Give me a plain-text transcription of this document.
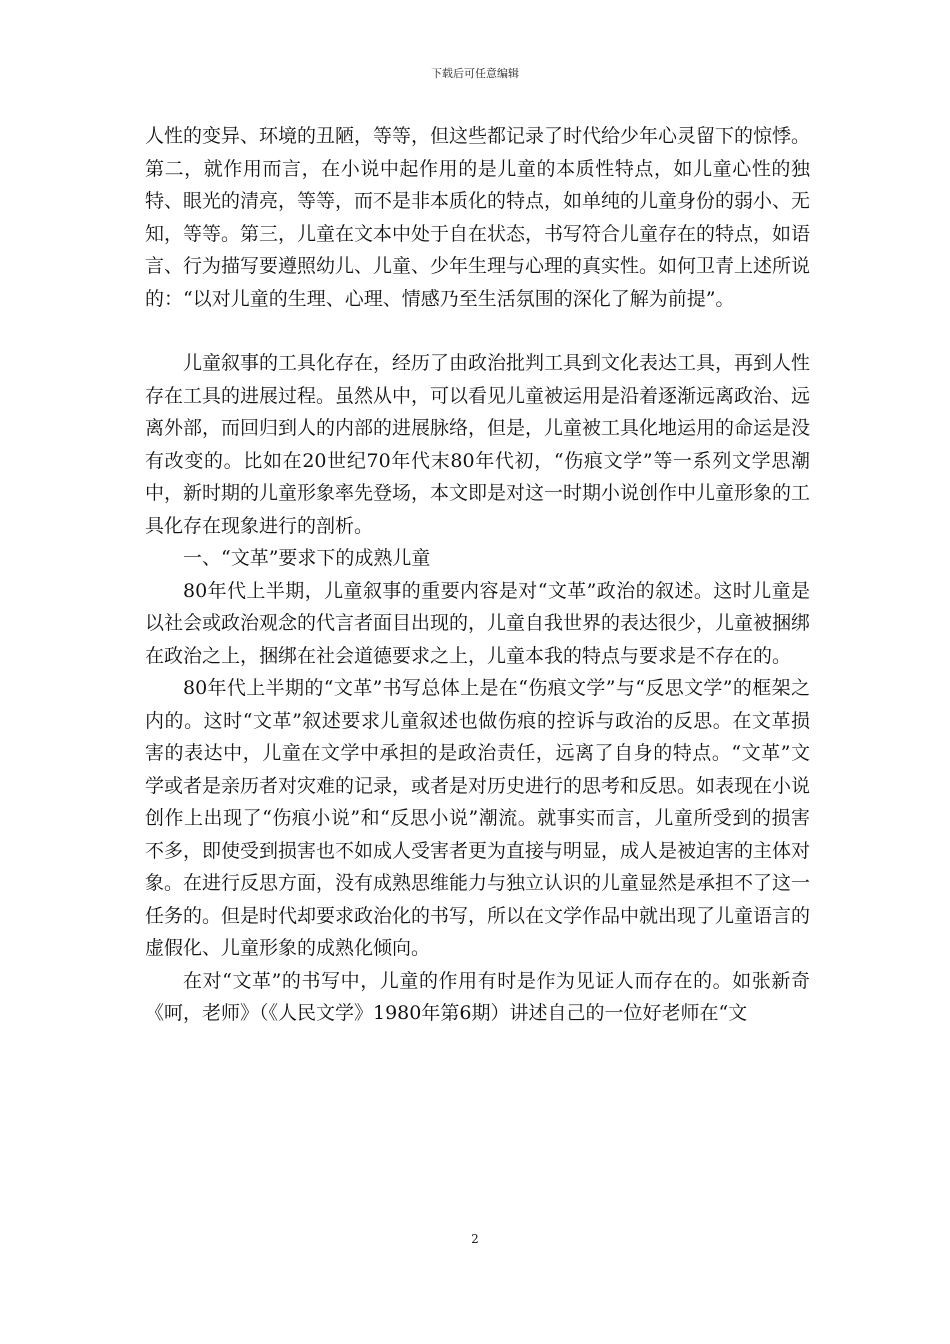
下载后可任意编辑

人性的变异、环境的丑陋，等等，但这些都记录了时代给少年心灵留下的惊悸。第二，就作用而言，在小说中起作用的是儿童的本质性特点，如儿童心性的独特、眼光的清亮，等等，而不是非本质化的特点，如单纯的儿童身份的弱小、无知，等等。第三，儿童在文本中处于自在状态，书写符合儿童存在的特点，如语言、行为描写要遵照幼儿、儿童、少年生理与心理的真实性。如何卫青上述所说的：“以对儿童的生理、心理、情感乃至生活氛围的深化了解为前提”。

儿童叙事的工具化存在，经历了由政治批判工具到文化表达工具，再到人性存在工具的进展过程。虽然从中，可以看见儿童被运用是沿着逐渐远离政治、远离外部，而回归到人的内部的进展脉络，但是，儿童被工具化地运用的命运是没有改变的。比如在20世纪70年代末80年代初，“伤痕文学”等一系列文学思潮中，新时期的儿童形象率先登场，本文即是对这一时期小说创作中儿童形象的工具化存在现象进行的剖析。

一、“文革”要求下的成熟儿童

80年代上半期，儿童叙事的重要内容是对“文革”政治的叙述。这时儿童是以社会或政治观念的代言者面目出现的，儿童自我世界的表达很少，儿童被捆绑在政治之上，捆绑在社会道德要求之上，儿童本我的特点与要求是不存在的。

80年代上半期的“文革”书写总体上是在“伤痕文学”与“反思文学”的框架之内的。这时“文革”叙述要求儿童叙述也做伤痕的控诉与政治的反思。在文革损害的表达中，儿童在文学中承担的是政治责任，远离了自身的特点。“文革”文学或者是亲历者对灾难的记录，或者是对历史进行的思考和反思。如表现在小说创作上出现了“伤痕小说”和“反思小说”潮流。就事实而言，儿童所受到的损害不多，即使受到损害也不如成人受害者更为直接与明显，成人是被迫害的主体对象。在进行反思方面，没有成熟思维能力与独立认识的儿童显然是承担不了这一任务的。但是时代却要求政治化的书写，所以在文学作品中就出现了儿童语言的虚假化、儿童形象的成熟化倾向。

在对“文革”的书写中，儿童的作用有时是作为见证人而存在的。如张新奇《呵，老师》（《人民文学》1980年第6期）讲述自己的一位好老师在“文

2
